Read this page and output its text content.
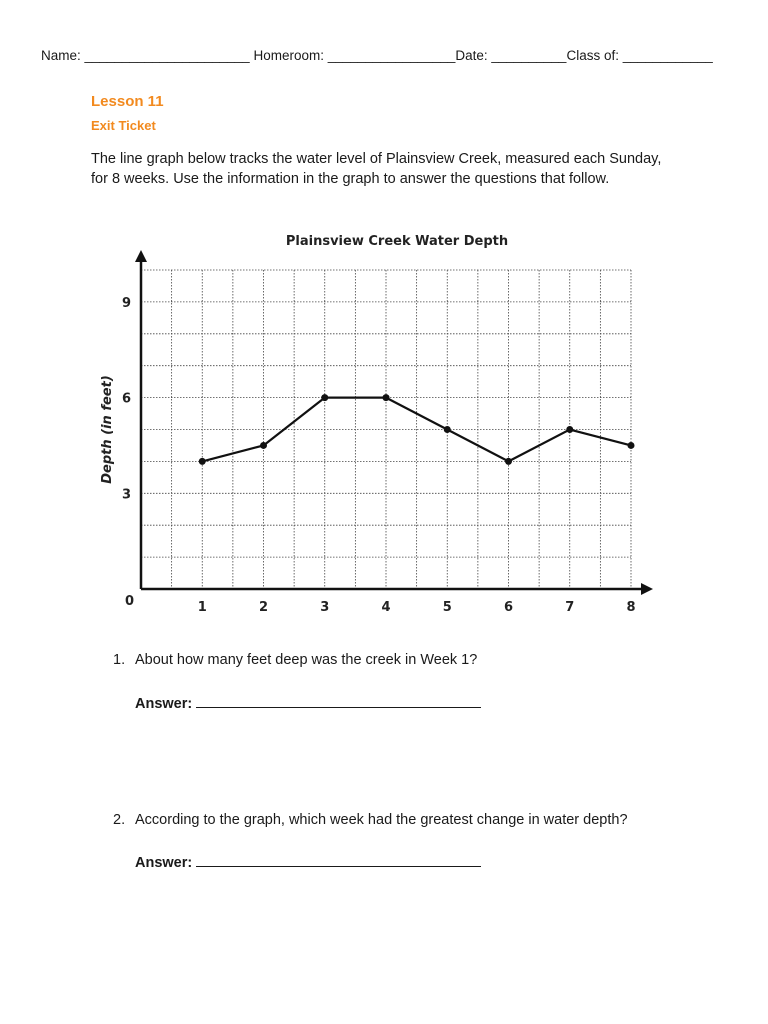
Name: ______________________ Homeroom: _________________Date: __________Class of: ____________
Lesson 11
Exit Ticket
The line graph below tracks the water level of Plainsview Creek, measured each Sunday, for 8 weeks. Use the information in the graph to answer the questions that follow.
Plainsview Creek Water Depth
1	2	3	4	5	6	7	8
0
3
6
9
Depth (in feet)
1. About how many feet deep was the creek in Week 1?
Answer:
2. According to the graph, which week had the greatest change in water depth?
Answer:
